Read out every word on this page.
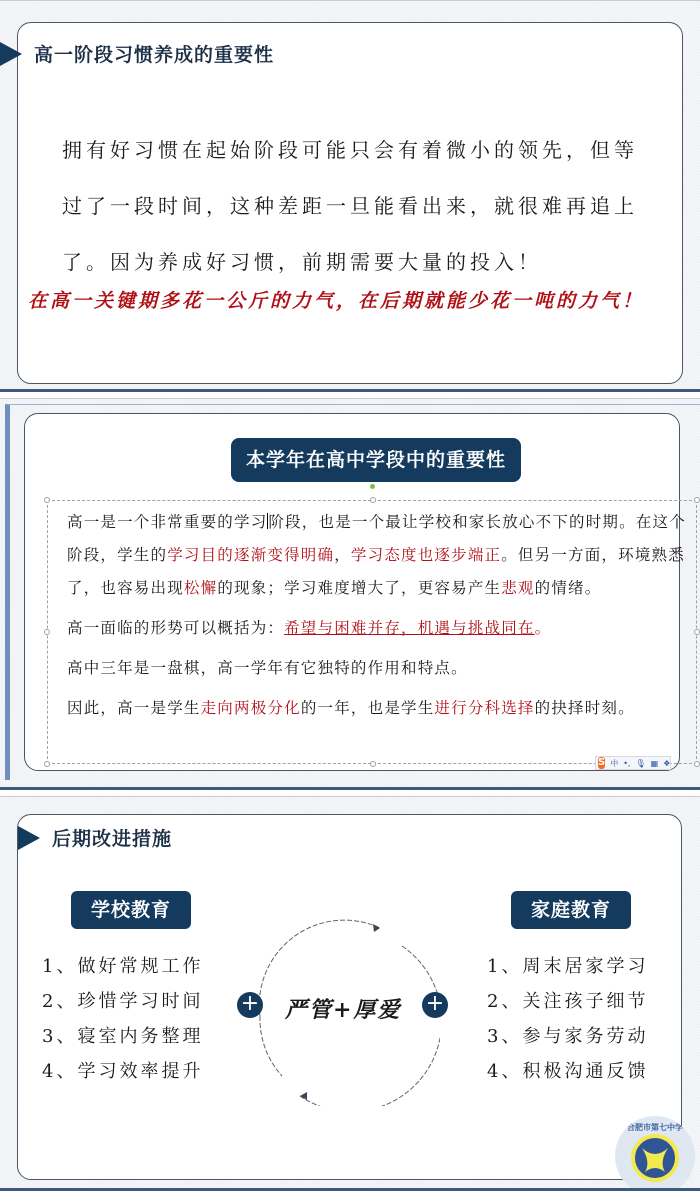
高一阶段习惯养成的重要性

拥有好习惯在起始阶段可能只会有着微小的领先，但等过了一段时间，这种差距一旦能看出来，就很难再追上了。因为养成好习惯，前期需要大量的投入！

在高一关键期多花一公斤的力气，在后期就能少花一吨的力气！

本学年在高中学段中的重要性

高一是一个非常重要的学习阶段，也是一个最让学校和家长放心不下的时期。在这个阶段，学生的学习目的逐渐变得明确，学习态度也逐步端正。但另一方面，环境熟悉了，也容易出现松懈的现象；学习难度增大了，更容易产生悲观的情绪。

高一面临的形势可以概括为：希望与困难并存，机遇与挑战同在。

高中三年是一盘棋，高一学年有它独特的作用和特点。

因此，高一是学生走向两极分化的一年，也是学生进行分科选择的抉择时刻。

S 中 •, 🎙 ▦ ❖
后期改进措施
学校教育
1、做好常规工作
2、珍惜学习时间
3、寝室内务整理
4、学习效率提升
+	+
严管+厚爱
家庭教育
1、周末居家学习
2、关注孩子细节
3、参与家务劳动
4、积极沟通反馈
合肥市第七中学
